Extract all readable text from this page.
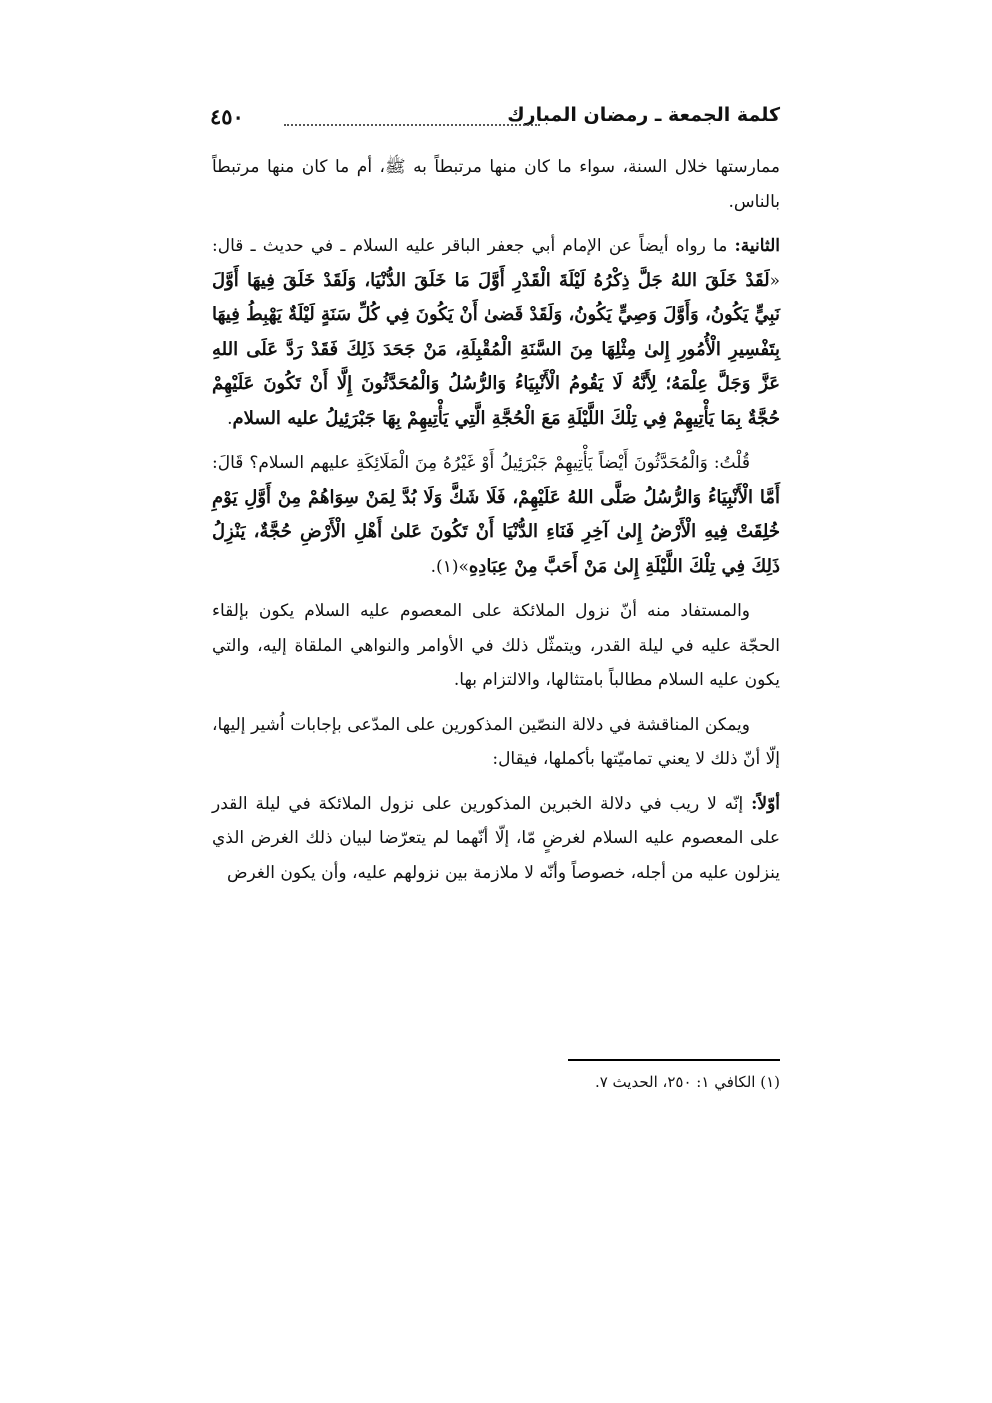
كلمة الجمعة ـ رمضان المبارك
٤٥٠

ممارستها خلال السنة، سواء ما كان منها مرتبطاً به ﷺ، أم ما كان منها مرتبطاً بالناس.

الثانية: ما رواه أيضاً عن الإمام أبي جعفر الباقر عليه السلام ـ في حديث ـ قال: «لَقَدْ خَلَقَ اللهُ جَلَّ ذِكْرُهُ لَيْلَةَ الْقَدْرِ أَوَّلَ مَا خَلَقَ الدُّنْيَا، وَلَقَدْ خَلَقَ فِيهَا أَوَّلَ نَبِيٍّ يَكُونُ، وَأَوَّلَ وَصِيٍّ يَكُونُ، وَلَقَدْ قَضىٰ أَنْ يَكُونَ فِي كُلِّ سَنَةٍ لَيْلَةٌ يَهْبِطُ فِيهَا بِتَفْسِيرِ الْأُمُورِ إِلىٰ مِثْلِهَا مِنَ السَّنَةِ الْمُقْبِلَةِ، مَنْ جَحَدَ ذَلِكَ فَقَدْ رَدَّ عَلَى اللهِ عَزَّ وَجَلَّ عِلْمَهُ؛ لِأَنَّهُ لَا يَقُومُ الْأَنْبِيَاءُ وَالرُّسُلُ وَالْمُحَدَّثُونَ إِلَّا أَنْ تَكُونَ عَلَيْهِمْ حُجَّةٌ بِمَا يَأْتِيهِمْ فِي تِلْكَ اللَّيْلَةِ مَعَ الْحُجَّةِ الَّتِي يَأْتِيهِمْ بِهَا جَبْرَئِيلُ عليه السلام.

قُلْتُ: وَالْمُحَدَّثُونَ أَيْضاً يَأْتِيهِمْ جَبْرَئِيلُ أَوْ غَيْرُهُ مِنَ الْمَلَائِكَةِ عليهم السلام؟ قَالَ: أَمَّا الْأَنْبِيَاءُ وَالرُّسُلُ صَلَّى اللهُ عَلَيْهِمْ، فَلَا شَكَّ وَلَا بُدَّ لِمَنْ سِوَاهُمْ مِنْ أَوَّلِ يَوْمِ خُلِقَتْ فِيهِ الْأَرْضُ إِلىٰ آخِرِ فَنَاءِ الدُّنْيَا أَنْ تَكُونَ عَلىٰ أَهْلِ الْأَرْضِ حُجَّةٌ، يَنْزِلُ ذَلِكَ فِي تِلْكَ اللَّيْلَةِ إِلىٰ مَنْ أَحَبَّ مِنْ عِبَادِهِ»(١).

والمستفاد منه أنّ نزول الملائكة على المعصوم عليه السلام يكون بإلقاء الحجّة عليه في ليلة القدر، ويتمثّل ذلك في الأوامر والنواهي الملقاة إليه، والتي يكون عليه السلام مطالباً بامتثالها، والالتزام بها.

ويمكن المناقشة في دلالة النصّين المذكورين على المدّعى بإجابات اُشير إليها، إلّا أنّ ذلك لا يعني تماميّتها بأكملها، فيقال:

أوّلاً: إنّه لا ريب في دلالة الخبرين المذكورين على نزول الملائكة في ليلة القدر على المعصوم عليه السلام لغرضٍ مّا، إلّا أنّهما لم يتعرّضا لبيان ذلك الغرض الذي ينزلون عليه من أجله، خصوصاً وأنّه لا ملازمة بين نزولهم عليه، وأن يكون الغرض

(١) الكافي ١: ٢٥٠، الحديث ٧.
